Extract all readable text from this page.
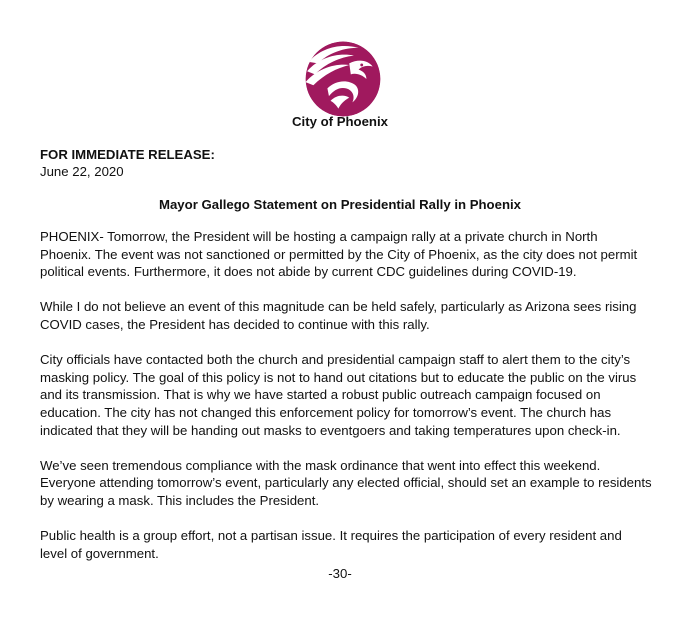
City of Phoenix
FOR IMMEDIATE RELEASE:
June 22, 2020
Mayor Gallego Statement on Presidential Rally in Phoenix

PHOENIX- Tomorrow, the President will be hosting a campaign rally at a private church in North Phoenix. The event was not sanctioned or permitted by the City of Phoenix, as the city does not permit political events. Furthermore, it does not abide by current CDC guidelines during COVID-19.

While I do not believe an event of this magnitude can be held safely, particularly as Arizona sees rising COVID cases, the President has decided to continue with this rally.

City officials have contacted both the church and presidential campaign staff to alert them to the city’s masking policy. The goal of this policy is not to hand out citations but to educate the public on the virus and its transmission. That is why we have started a robust public outreach campaign focused on education. The city has not changed this enforcement policy for tomorrow’s event. The church has indicated that they will be handing out masks to eventgoers and taking temperatures upon check-in.

We’ve seen tremendous compliance with the mask ordinance that went into effect this weekend. Everyone attending tomorrow’s event, particularly any elected official, should set an example to residents by wearing a mask. This includes the President.

Public health is a group effort, not a partisan issue. It requires the participation of every resident and level of government.

-30-
